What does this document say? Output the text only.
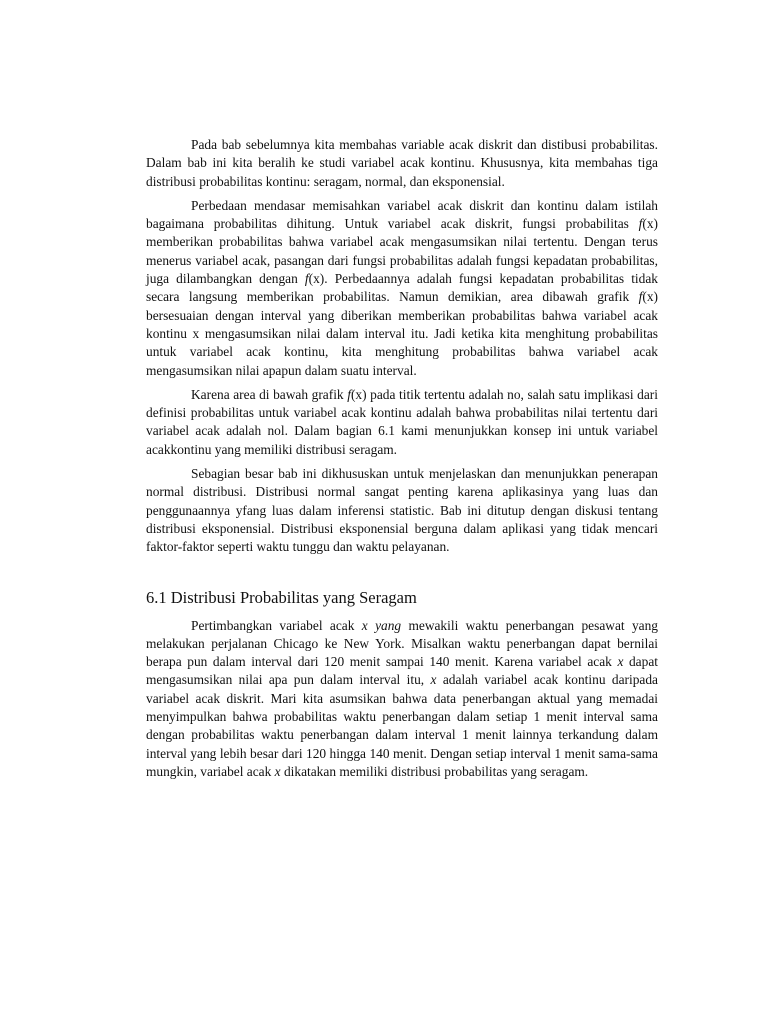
Pada bab sebelumnya kita membahas variable acak diskrit dan distibusi probabilitas. Dalam bab ini kita beralih ke studi variabel acak kontinu. Khususnya, kita membahas tiga distribusi probabilitas kontinu: seragam, normal, dan eksponensial.

Perbedaan mendasar memisahkan variabel acak diskrit dan kontinu dalam istilah bagaimana probabilitas dihitung. Untuk variabel acak diskrit, fungsi probabilitas f(x) memberikan probabilitas bahwa variabel acak mengasumsikan nilai tertentu. Dengan terus menerus variabel acak, pasangan dari fungsi probabilitas adalah fungsi kepadatan probabilitas, juga dilambangkan dengan f(x). Perbedaannya adalah fungsi kepadatan probabilitas tidak secara langsung memberikan probabilitas. Namun demikian, area dibawah grafik f(x) bersesuaian dengan interval yang diberikan memberikan probabilitas bahwa variabel acak kontinu x mengasumsikan nilai dalam interval itu. Jadi ketika kita menghitung probabilitas untuk variabel acak kontinu, kita menghitung probabilitas bahwa variabel acak mengasumsikan nilai apapun dalam suatu interval.

Karena area di bawah grafik f(x) pada titik tertentu adalah no, salah satu implikasi dari definisi probabilitas untuk variabel acak kontinu adalah bahwa probabilitas nilai tertentu dari variabel acak adalah nol. Dalam bagian 6.1 kami menunjukkan konsep ini untuk variabel acakkontinu yang memiliki distribusi seragam.

Sebagian besar bab ini dikhususkan untuk menjelaskan dan menunjukkan penerapan normal distribusi. Distribusi normal sangat penting karena aplikasinya yang luas dan penggunaannya yfang luas dalam inferensi statistic. Bab ini ditutup dengan diskusi tentang distribusi eksponensial. Distribusi eksponensial berguna dalam aplikasi yang tidak mencari faktor-faktor seperti waktu tunggu dan waktu pelayanan.

6.1 Distribusi Probabilitas yang Seragam

Pertimbangkan variabel acak x yang mewakili waktu penerbangan pesawat yang melakukan perjalanan Chicago ke New York. Misalkan waktu penerbangan dapat bernilai berapa pun dalam interval dari 120 menit sampai 140 menit. Karena variabel acak x dapat mengasumsikan nilai apa pun dalam interval itu, x adalah variabel acak kontinu daripada variabel acak diskrit. Mari kita asumsikan bahwa data penerbangan aktual yang memadai menyimpulkan bahwa probabilitas waktu penerbangan dalam setiap 1 menit interval sama dengan probabilitas waktu penerbangan dalam interval 1 menit lainnya terkandung dalam interval yang lebih besar dari 120 hingga 140 menit. Dengan setiap interval 1 menit sama-sama mungkin, variabel acak x dikatakan memiliki distribusi probabilitas yang seragam.
